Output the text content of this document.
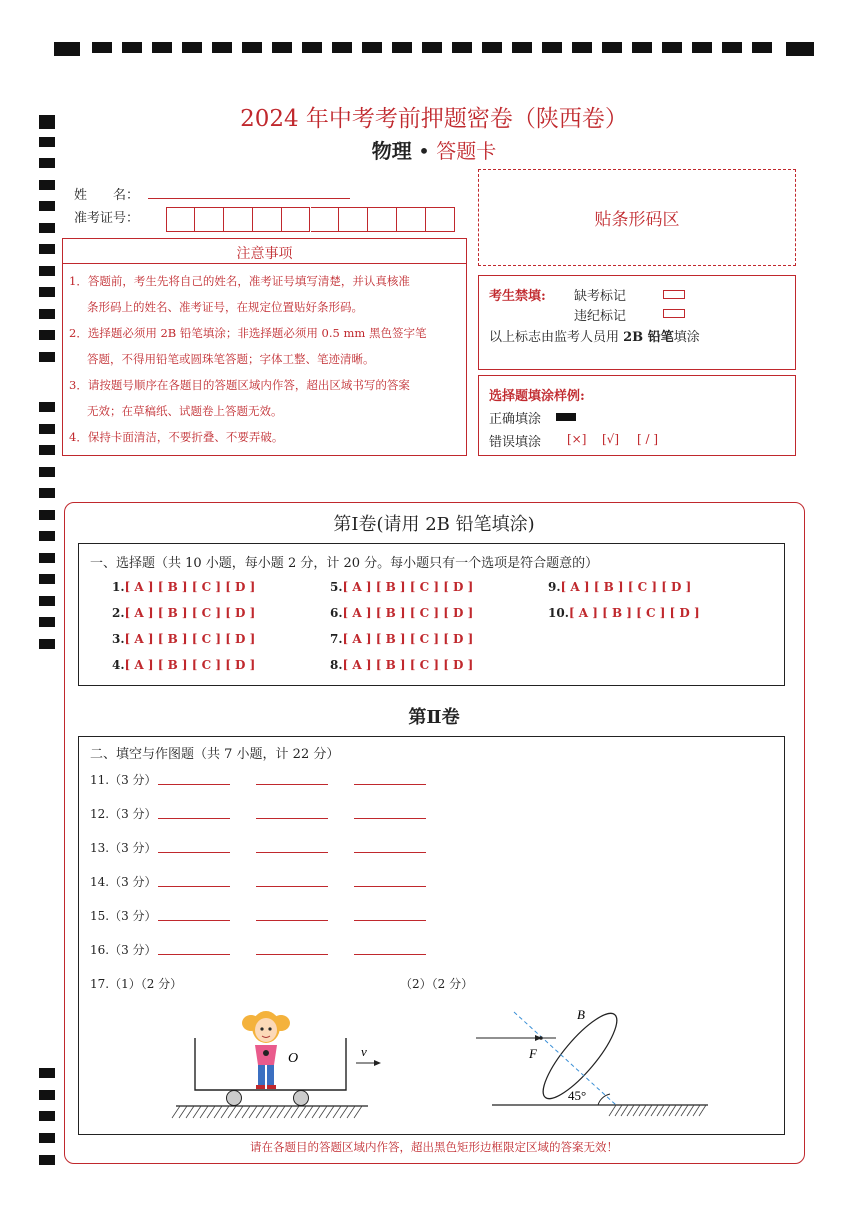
2024 年中考考前押题密卷（陕西卷）
物理 • 答题卡
姓　　名：
准考证号：	贴条形码区
注意事项
1．答题前，考生先将自己的姓名，准考证号填写清楚，并认真核准
条形码上的姓名、准考证号，在规定位置贴好条形码。
2．选择题必须用 2B 铅笔填涂；非选择题必须用 0.5 mm 黑色签字笔
答题，不得用铅笔或圆珠笔答题；字体工整、笔迹清晰。
3．请按题号顺序在各题目的答题区域内作答，超出区域书写的答案
无效；在草稿纸、试题卷上答题无效。
4．保持卡面清洁，不要折叠、不要弄破。
考生禁填: 缺考标记
违纪标记
以上标志由监考人员用 2B 铅笔填涂
选择题填涂样例:
正确填涂
错误填涂 [×] [√] [ / ]
第Ⅰ卷(请用 2B 铅笔填涂)
一、选择题（共 10 小题，每小题 2 分，计 20 分。每小题只有一个选项是符合题意的）
1.[ A ] [ B ] [ C ] [ D ]
2.[ A ] [ B ] [ C ] [ D ]
3.[ A ] [ B ] [ C ] [ D ]
4.[ A ] [ B ] [ C ] [ D ]
5.[ A ] [ B ] [ C ] [ D ]
6.[ A ] [ B ] [ C ] [ D ]
7.[ A ] [ B ] [ C ] [ D ]
8.[ A ] [ B ] [ C ] [ D ]
9.[ A ] [ B ] [ C ] [ D ]
10.[ A ] [ B ] [ C ] [ D ]
第Ⅱ卷
二、填空与作图题（共 7 小题，计 22 分）
11.（3 分）
12.（3 分）
13.（3 分）
14.（3 分）
15.（3 分）
16.（3 分）
17.（1）（2 分）	（2）（2 分）
O	v
B
F
45°
请在各题目的答题区域内作答，超出黑色矩形边框限定区域的答案无效！
